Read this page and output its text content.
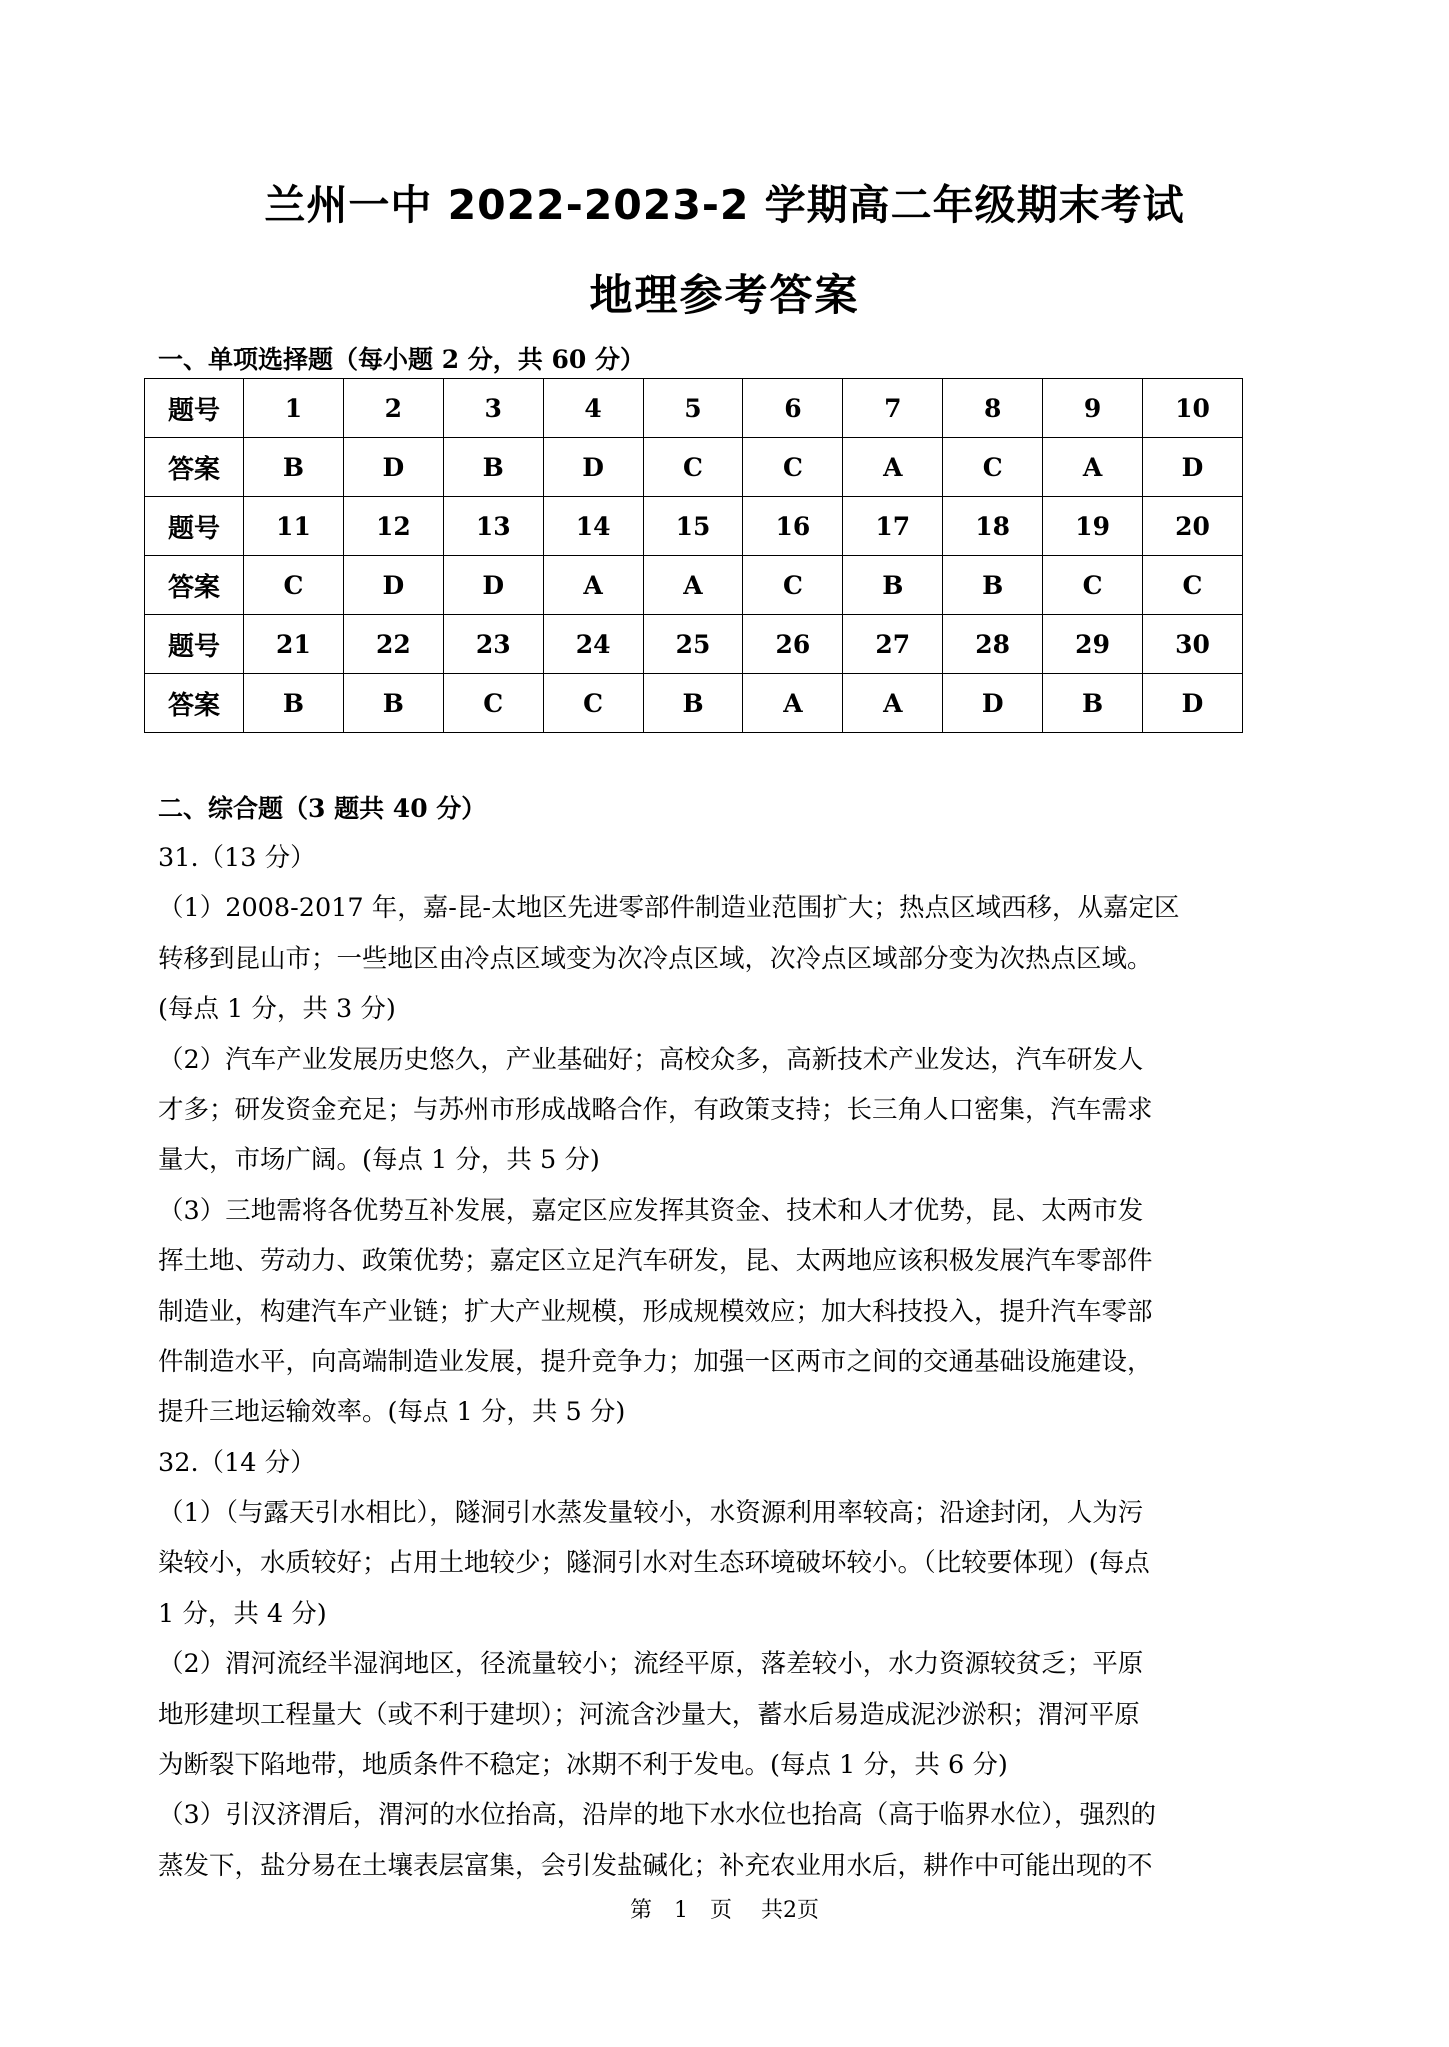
兰州一中 2022-2023-2 学期高二年级期末考试
地理参考答案
一、单项选择题（每小题 2 分，共 60 分）
题号	1	2	3	4	5	6	7	8	9	10
答案	B	D	B	D	C	C	A	C	A	D
题号	11	12	13	14	15	16	17	18	19	20
答案	C	D	D	A	A	C	B	B	C	C
题号	21	22	23	24	25	26	27	28	29	30
答案	B	B	C	C	B	A	A	D	B	D
二、综合题（3 题共 40 分）
31.（13 分）
（1）2008-2017 年，嘉-昆-太地区先进零部件制造业范围扩大；热点区域西移，从嘉定区
转移到昆山市；一些地区由冷点区域变为次冷点区域，次冷点区域部分变为次热点区域。
(每点 1 分，共 3 分)
（2）汽车产业发展历史悠久，产业基础好；高校众多，高新技术产业发达，汽车研发人
才多；研发资金充足；与苏州市形成战略合作，有政策支持；长三角人口密集，汽车需求
量大，市场广阔。(每点 1 分，共 5 分)
（3）三地需将各优势互补发展，嘉定区应发挥其资金、技术和人才优势，昆、太两市发
挥土地、劳动力、政策优势；嘉定区立足汽车研发，昆、太两地应该积极发展汽车零部件
制造业，构建汽车产业链；扩大产业规模，形成规模效应；加大科技投入，提升汽车零部
件制造水平，向高端制造业发展，提升竞争力；加强一区两市之间的交通基础设施建设，
提升三地运输效率。(每点 1 分，共 5 分)
32.（14 分）
（1）（与露天引水相比），隧洞引水蒸发量较小，水资源利用率较高；沿途封闭，人为污
染较小，水质较好；占用土地较少；隧洞引水对生态环境破坏较小。（比较要体现）(每点
1 分，共 4 分)
（2）渭河流经半湿润地区，径流量较小；流经平原，落差较小，水力资源较贫乏；平原
地形建坝工程量大（或不利于建坝）；河流含沙量大，蓄水后易造成泥沙淤积；渭河平原
为断裂下陷地带，地质条件不稳定；冰期不利于发电。(每点 1 分，共 6 分)
（3）引汉济渭后，渭河的水位抬高，沿岸的地下水水位也抬高（高于临界水位），强烈的
蒸发下，盐分易在土壤表层富集，会引发盐碱化；补充农业用水后，耕作中可能出现的不
第　1　页　 共2页
